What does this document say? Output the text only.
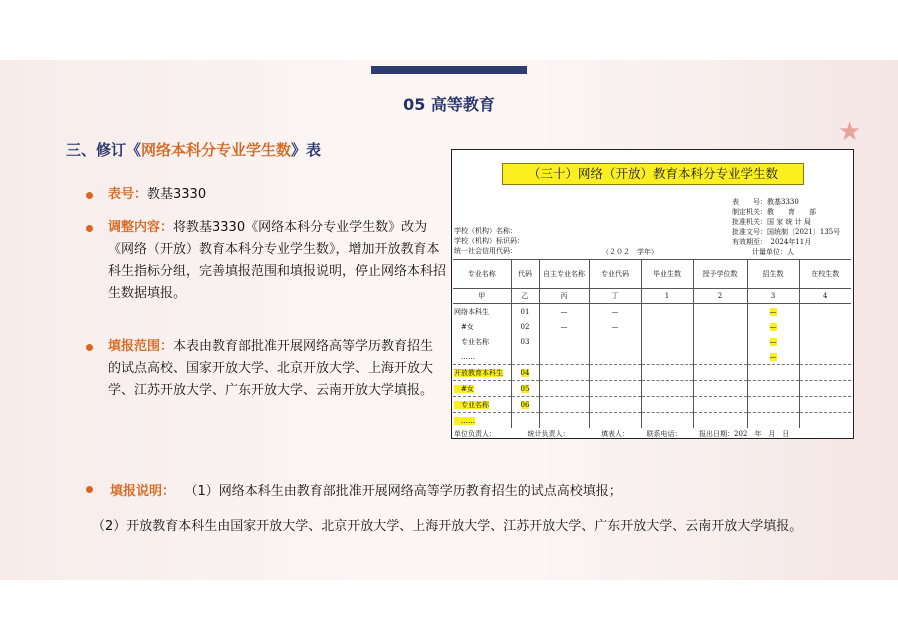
05 高等教育
★
三、修订《网络本科分专业学生数》表
表号：教基3330
调整内容：将教基3330《网络本科分专业学生数》改为《网络（开放）教育本科分专业学生数》，增加开放教育本科生指标分组，完善填报范围和填报说明，停止网络本科招生数据填报。
填报范围：本表由教育部批准开展网络高等学历教育招生的试点高校、国家开放大学、北京开放大学、上海开放大学、江苏开放大学、广东开放大学、云南开放大学填报。
填报说明： （1）网络本科生由教育部批准开展网络高等学历教育招生的试点高校填报；
（2）开放教育本科生由国家开放大学、北京开放大学、上海开放大学、江苏开放大学、广东开放大学、云南开放大学填报。
（三十）网络（开放）教育本科分专业学生数
表　　号：教基3330
制定机关：教　　育　　部
批准机关：国 家 统 计 局
批准文号：国统制〔2021〕135号
有效期至：　2024年11月
学校（机构）名称：
学校（机构）标识码：
统一社会信用代码：	（２０２　学年）	计量单位：人
专业名称	代码	自主专业名称	专业代码	毕业生数	授予学位数	招生数	在校生数
甲	乙	丙	丁	1	2	3	4
网络本科生	01	—	—			—	
　#女	02	—	—			—	
　专业名称	03					—	
　……						—	
开放教育本科生	04						
　#女	05						
　专业名称	06						
　……							
单位负责人：　　　　　统计负责人：　　　　　填表人：　　　联系电话：　　　报出日期：202　年　月　日
